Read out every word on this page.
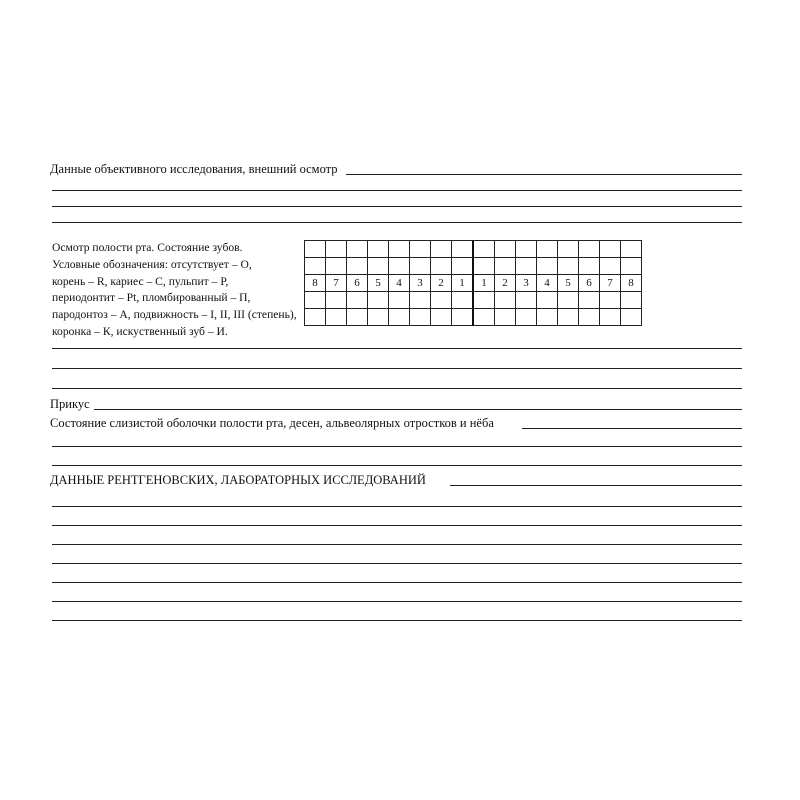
Данные объективного исследования, внешний осмотр
Осмотр полости рта. Состояние зубов.
Условные обозначения: отсутствует – О,
корень – R, кариес – С, пульпит – Р,
периодонтит – Pt, пломбированный – П,
пародонтоз – А, подвижность – I, II, III (степень),
коронка – К, искуственный зуб – И.

8	7	6	5	4	3	2	1	1	2	3	4	5	6	7	8

Прикус
Состояние слизистой оболочки полости рта, десен, альвеолярных отростков и нёба
ДАННЫЕ РЕНТГЕНОВСКИХ, ЛАБОРАТОРНЫХ ИССЛЕДОВАНИЙ
